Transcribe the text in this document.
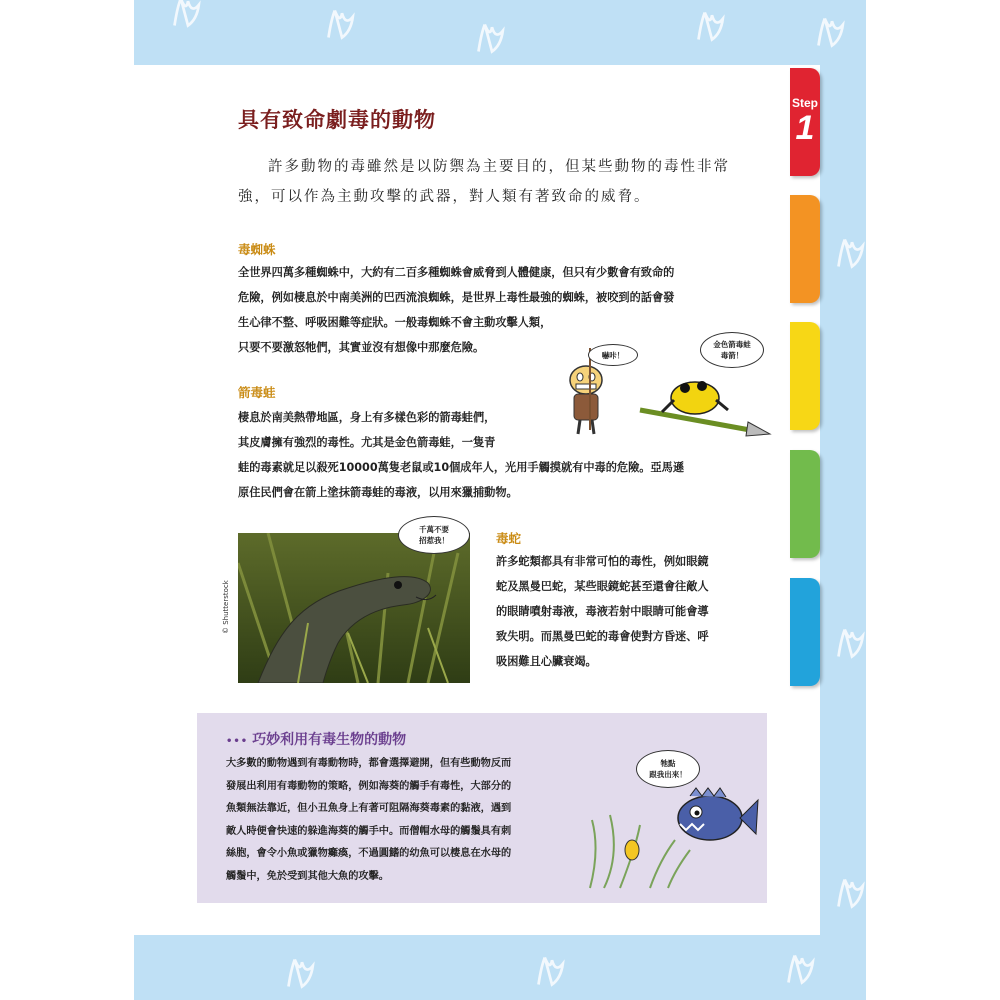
Step
1
具有致命劇毒的動物

許多動物的毒雖然是以防禦為主要目的，但某些動物的毒性非常強，可以作為主動攻擊的武器，對人類有著致命的威脅。

毒蜘蛛
全世界四萬多種蜘蛛中，大約有二百多種蜘蛛會威脅到人體健康，但只有少數會有致命的
危險，例如棲息於中南美洲的巴西流浪蜘蛛，是世界上毒性最強的蜘蛛，被咬到的話會發
生心律不整、呼吸困難等症狀。一般毒蜘蛛不會主動攻擊人類，
只要不要激怒牠們，其實並沒有想像中那麼危險。
箭毒蛙
棲息於南美熱帶地區，身上有多樣色彩的箭毒蛙們，
其皮膚擁有強烈的毒性。尤其是金色箭毒蛙，一隻青
蛙的毒素就足以殺死10000萬隻老鼠或10個成年人，光用手觸摸就有中毒的危險。亞馬遜
原住民們會在箭上塗抹箭毒蛙的毒液，以用來獵捕動物。
嚇咔！
金色箭毒蛙
毒箭！
© Shutterstock
千萬不要
招惹我！	毒蛇
許多蛇類都具有非常可怕的毒性，例如眼鏡
蛇及黑曼巴蛇，某些眼鏡蛇甚至還會往敵人
的眼睛噴射毒液，毒液若射中眼睛可能會導
致失明。而黑曼巴蛇的毒會使對方昏迷、呼
吸困難且心臟衰竭。
••• 巧妙利用有毒生物的動物
大多數的動物遇到有毒動物時，都會選擇避開，但有些動物反而
發展出利用有毒動物的策略，例如海葵的觸手有毒性，大部分的
魚類無法靠近，但小丑魚身上有著可阻隔海葵毒素的黏液，遇到
敵人時便會快速的躲進海葵的觸手中。而僧帽水母的觸鬚具有刺
絲胞，會令小魚或獵物癱瘓，不過圓鰭的幼魚可以棲息在水母的
觸鬚中，免於受到其他大魚的攻擊。
牠點
跟我出來！
